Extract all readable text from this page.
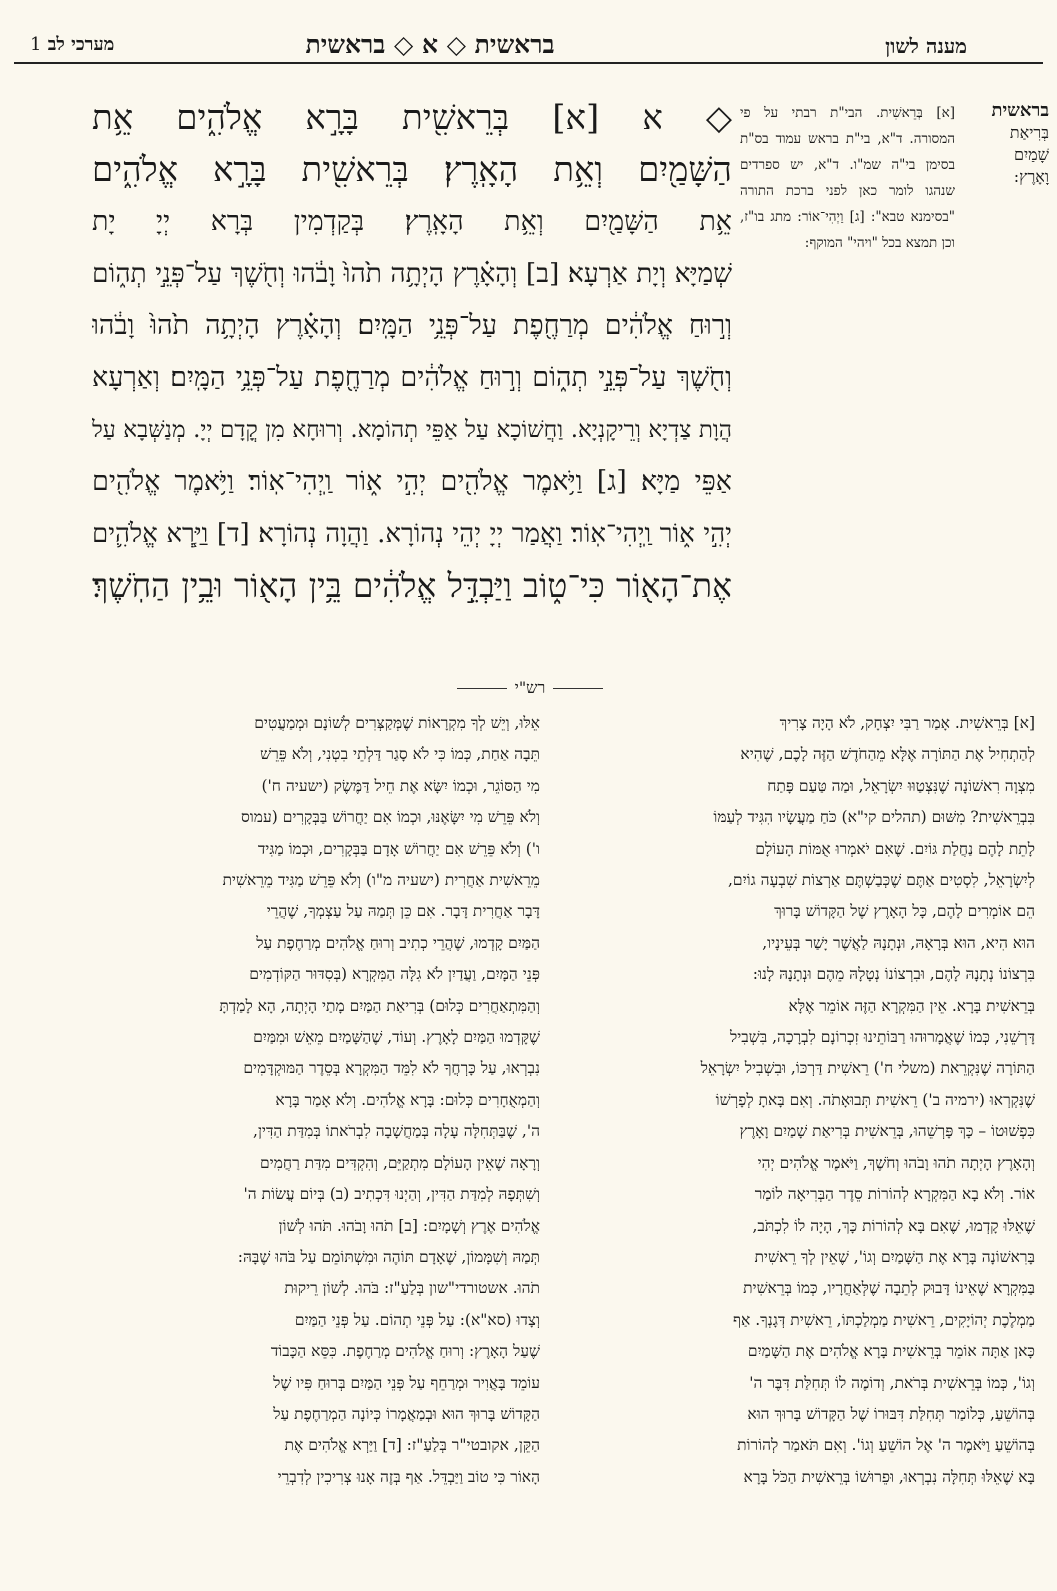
מערכי לב 1	בראשית ◇ א ◇ בראשית	מענה לשון
בראשית
בְּרִיאַת
שָׁמַיִם
וָאָרֶץ:
◇ א [א] בְּרֵאשִׁ֖ית בָּרָ֣א אֱלֹהִ֑ים אֵ֥ת
הַשָּׁמַ֖יִם וְאֵ֥ת הָאָֽרֶץ׃ בְּרֵאשִׁ֖ית בָּרָ֣א אֱלֹהִ֑ים
אֵ֥ת הַשָּׁמַ֖יִם וְאֵ֥ת הָאָֽרֶץ׃ בְּקַדְמִין בְּרָא יְיָ יָת
שְׁמַיָּא וְיָת אַרְעָא׃ [ב] וְהָאָ֗רֶץ הָיְתָ֥ה תֹ֙הוּ֙ וָבֹ֔הוּ וְחֹ֖שֶׁךְ עַל־פְּנֵ֣י תְה֑וֹם
וְר֣וּחַ אֱלֹהִ֔ים מְרַחֶ֖פֶת עַל־פְּנֵ֥י הַמָּֽיִם׃ וְהָאָ֗רֶץ הָיְתָ֥ה תֹ֙הוּ֙ וָבֹ֔הוּ
וְחֹ֖שֶׁךְ עַל־פְּנֵ֣י תְה֑וֹם וְר֣וּחַ אֱלֹהִ֔ים מְרַחֶ֖פֶת עַל־פְּנֵ֥י הַמָּֽיִם׃ וְאַרְעָא
הֲוָת צַדְיָא וְרֵיקָנְיָא. וַחֲשׁוֹכָא עַל אַפֵּי תְהוֹמָא. וְרוּחָא מִן קֳדָם יְיָ. מְנַשְּׁבָא עַל
אַפֵּי מַיָּא׃ [ג] וַיֹּ֥אמֶר אֱלֹהִ֖ים יְהִ֣י א֑וֹר וַֽיְהִי־אֽוֹר׃ וַיֹּ֥אמֶר אֱלֹהִ֖ים
יְהִ֣י א֑וֹר וַֽיְהִי־אֽוֹר׃ וַאֲמַר יְיָ יְהֵי נְהוֹרָא. וַהֲוָה נְהוֹרָא׃ [ד] וַיַּ֧רְא אֱלֹהִ֛ים
אֶת־הָא֖וֹר כִּי־ט֑וֹב וַיַּבְדֵּ֣ל אֱלֹהִ֔ים בֵּ֥ין הָא֖וֹר וּבֵ֥ין הַחֹֽשֶׁךְ׃
[א] בְּרֵאשִׁית. הבי"ת רבתי על פי המסורה. ד"א, בי"ת בראש עמוד בס"ת בסימן בי"ה שמ"ו. ד"א, יש ספרדים שנהגו לומר כאן לפני ברכת התורה "בסימנא טבא": [ג] וַיְהִי־אוֹר: מתג בו"ז, וכן תמצא בכל "ויהי" המוקף:
רש"י

[א] בְּרֵאשִׁית. אָמַר רַבִּי יִצְחָק, לֹא הָיָה צָרִיךְ

לְהַתְחִיל אֶת הַתּוֹרָה אֶלָּא מֵהַחֹדֶשׁ הַזֶּה לָכֶם, שֶׁהִיא

מִצְוָה רִאשׁוֹנָה שֶׁנִּצְטַוּוּ יִשְׂרָאֵל, וּמַה טַּעַם פָּתַח

בִּבְרֵאשִׁית? מִשּׁוּם (תהלים קי"א) כֹּחַ מַעֲשָׂיו הִגִּיד לְעַמּוֹ

לָתֵת לָהֶם נַחֲלַת גּוֹיִם. שֶׁאִם יֹאמְרוּ אֻמּוֹת הָעוֹלָם

לְיִשְׂרָאֵל, לִסְטִים אַתֶּם שֶׁכְּבַשְׁתֶּם אַרְצוֹת שִׁבְעָה גוֹיִם,

הֵם אוֹמְרִים לָהֶם, כָּל הָאָרֶץ שֶׁל הַקָּדוֹשׁ בָּרוּךְ

הוּא הִיא, הוּא בְּרָאָהּ, וּנְתָנָהּ לַאֲשֶׁר יָשַׁר בְּעֵינָיו,

בִּרְצוֹנוֹ נְתָנָהּ לָהֶם, וּבִרְצוֹנוֹ נְטָלָהּ מֵהֶם וּנְתָנָהּ לָנוּ:

בְּרֵאשִׁית בָּרָא. אֵין הַמִּקְרָא הַזֶּה אוֹמֵר אֶלָּא

דָּרְשֵׁנִי, כְּמוֹ שֶׁאֲמָרוּהוּ רַבּוֹתֵינוּ זִכְרוֹנָם לִבְרָכָה, בִּשְׁבִיל

הַתּוֹרָה שֶׁנִּקְרֵאת (משלי ח') רֵאשִׁית דַּרְכּוֹ, וּבִשְׁבִיל יִשְׂרָאֵל

שֶׁנִּקְרְאוּ (ירמיה ב') רֵאשִׁית תְּבוּאָתֹה. וְאִם בָּאתָ לְפָרְשׁוֹ

כִּפְשׁוּטוֹ – כָּךְ פָּרְשֵׁהוּ, בְּרֵאשִׁית בְּרִיאַת שָׁמַיִם וָאָרֶץ

וְהָאָרֶץ הָיְתָה תֹהוּ וָבֹהוּ וְחֹשֶׁךְ, וַיֹּאמֶר אֱלֹהִים יְהִי

אוֹר. וְלֹא בָא הַמִּקְרָא לְהוֹרוֹת סֵדֶר הַבְּרִיאָה לוֹמַר

שֶׁאֵלּוּ קָדְמוּ, שֶׁאִם בָּא לְהוֹרוֹת כָּךְ, הָיָה לוֹ לִכְתֹּב,

בָּרִאשׁוֹנָה בָּרָא אֶת הַשָּׁמַיִם וְגוֹ', שֶׁאֵין לְךָ רֵאשִׁית

בַּמִּקְרָא שֶׁאֵינוֹ דָּבוּק לְתֵבָה שֶׁלְּאַחֲרָיו, כְּמוֹ בְּרֵאשִׁית

מַמְלֶכֶת יְהוֹיָקִים, רֵאשִׁית מַמְלַכְתּוֹ, רֵאשִׁית דְּגָנְךָ. אַף

כָּאן אַתָּה אוֹמֵר בְּרֵאשִׁית בָּרָא אֱלֹהִים אֶת הַשָּׁמַיִם

וְגוֹ', כְּמוֹ בְּרֵאשִׁית בְּרֹאת, וְדוֹמֶה לוֹ תְּחִלַּת דִּבֶּר ה'

בְּהוֹשֵׁעַ, כְּלוֹמַר תְּחִלַּת דִּבּוּרוֹ שֶׁל הַקָּדוֹשׁ בָּרוּךְ הוּא

בְּהוֹשֵׁעַ וַיֹּאמֶר ה' אֶל הוֹשֵׁעַ וְגוֹ'. וְאִם תֹּאמַר לְהוֹרוֹת

בָּא שֶׁאֵלּוּ תְּחִלָּה נִבְרְאוּ, וּפֵרוּשׁוֹ בְּרֵאשִׁית הַכֹּל בָּרָא

אֵלּוּ, וְיֵשׁ לְךָ מִקְרָאוֹת שֶׁמְּקַצְּרִים לְשׁוֹנָם וּמְמַעֲטִים

תֵּבָה אַחַת, כְּמוֹ כִּי לֹא סָגַר דַּלְתֵי בִטְנִי, וְלֹא פֵּרֵשׁ

מִי הַסּוֹגֵר, וּכְמוֹ יִשָּׂא אֶת חֵיל דַּמֶּשֶׂק (ישעיה ח')

וְלֹא פֵּרֵשׁ מִי יִשָּׂאֶנּוּ, וּכְמוֹ אִם יַחֲרוֹשׁ בַּבְּקָרִים (עמוס

ו') וְלֹא פֵּרֵשׁ אִם יַחֲרוֹשׁ אָדָם בַּבְּקָרִים, וּכְמוֹ מַגִּיד

מֵרֵאשִׁית אַחֲרִית (ישעיה מ"ו) וְלֹא פֵּרֵשׁ מַגִּיד מֵרֵאשִׁית

דָּבָר אַחֲרִית דָּבָר. אִם כֵּן תְּמַהּ עַל עַצְמְךָ, שֶׁהֲרֵי

הַמַּיִם קָדְמוּ, שֶׁהֲרֵי כְתִיב וְרוּחַ אֱלֹהִים מְרַחֶפֶת עַל

פְּנֵי הַמָּיִם, וַעֲדַיִן לֹא גִלָּה הַמִּקְרָא (בְּסִדּוּר הַקּוֹדְמִים

וְהַמִּתְאַחֲרִים כְּלוּם) בְּרִיאַת הַמַּיִם מָתַי הָיְתָה, הָא לָמַדְתָּ

שֶׁקָּדְמוּ הַמַּיִם לָאָרֶץ. וְעוֹד, שֶׁהַשָּׁמַיִם מֵאֵשׁ וּמִמַּיִם

נִבְרְאוּ, עַל כָּרְחֲךָ לֹא לִמֵּד הַמִּקְרָא בְּסֵדֶר הַמּוּקְדָּמִים

וְהַמְאֻחָרִים כְּלוּם: בָּרָא אֱלֹהִים. וְלֹא אָמַר בָּרָא

ה', שֶׁבַּתְּחִלָּה עָלָה בְּמַחֲשָׁבָה לִבְרֹאתוֹ בְּמִדַּת הַדִּין,

וְרָאָה שֶׁאֵין הָעוֹלָם מִתְקַיֵּם, וְהִקְדִּים מִדַּת רַחֲמִים

וְשִׁתְּפָהּ לְמִדַּת הַדִּין, וְהַיְנוּ דִּכְתִיב (ב) בְּיוֹם עֲשׂוֹת ה'

אֱלֹהִים אֶרֶץ וְשָׁמָיִם: [ב] תֹהוּ וָבֹהוּ. תֹּהוּ לְשׁוֹן

תְּמַהּ וְשִׁמָּמוֹן, שֶׁאָדָם תּוֹהֶה וּמִשְׁתּוֹמֵם עַל בֹּהוּ שֶׁבָּהּ:

תֹהוּ. אשטורדי"שון בְּלַעַ"ז: בֹּהוּ. לְשׁוֹן רֵיקוּת

וְצָדוּ (סא"א): עַל פְּנֵי תְהוֹם. עַל פְּנֵי הַמַּיִם

שֶׁעַל הָאָרֶץ: וְרוּחַ אֱלֹהִים מְרַחֶפֶת. כִּסֵּא הַכָּבוֹד

עוֹמֵד בָּאֲוִיר וּמְרַחֵף עַל פְּנֵי הַמַּיִם בְּרוּחַ פִּיו שֶׁל

הַקָּדוֹשׁ בָּרוּךְ הוּא וּבְמַאֲמָרוֹ כְּיוֹנָה הַמְרַחֶפֶת עַל

הַקֵּן, אקובטי"ר בְּלַעַ"ז: [ד] וַיַּרְא אֱלֹהִים אֶת

הָאוֹר כִּי טוֹב וַיַּבְדֵּל. אַף בְּזֶה אָנוּ צְרִיכִין לְדִבְרֵי
